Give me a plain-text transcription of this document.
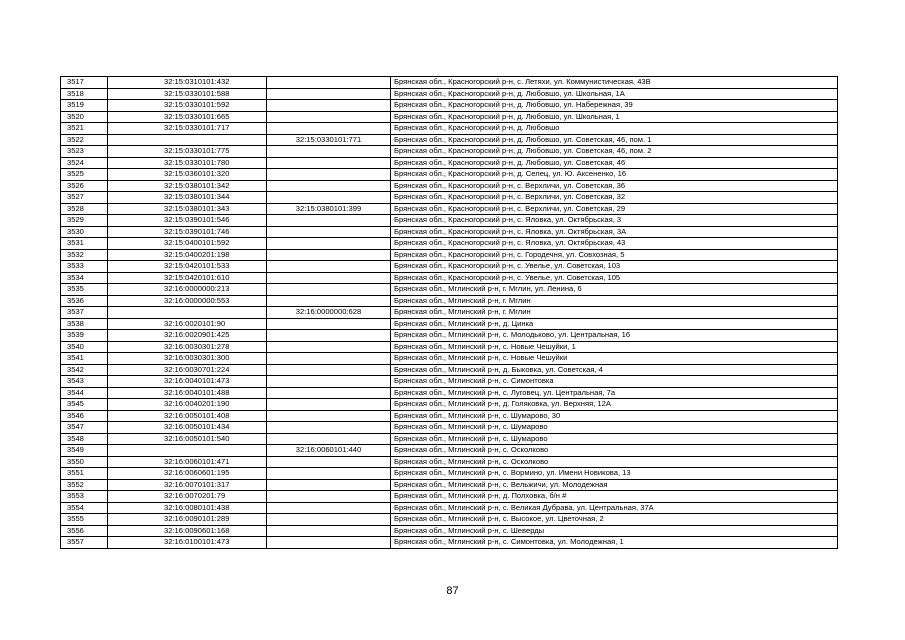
3517	32:15:0310101:432		Брянская обл., Красногорский р-н, с. Летяхи, ул. Коммунистическая, 43В
3518	32:15:0330101:588		Брянская обл., Красногорский р-н, д. Любовшо, ул. Школьная, 1А
3519	32:15:0330101:592		Брянская обл., Красногорский р-н, д. Любовшо, ул. Набережная, 39
3520	32:15:0330101:665		Брянская обл., Красногорский р-н, д. Любовшо, ул. Школьная, 1
3521	32:15:0330101:717		Брянская обл., Красногорский р-н, д. Любовшо
3522		32:15:0330101:771	Брянская обл., Красногорский р-н, д. Любовшо, ул. Советская, 46, пом. 1
3523	32:15:0330101:775		Брянская обл., Красногорский р-н, д. Любовшо, ул. Советская, 46, пом. 2
3524	32:15:0330101:780		Брянская обл., Красногорский р-н, д. Любовшо, ул. Советская, 46
3525	32:15:0360101:320		Брянская обл., Красногорский р-н, д. Селец, ул. Ю. Аксененко, 16
3526	32:15:0380101:342		Брянская обл., Красногорский р-н, с. Верхличи, ул. Советская, 36
3527	32:15:0380101:344		Брянская обл., Красногорский р-н, с. Верхличи, ул. Советская, 32
3528	32:15:0380101:343	32:15:0380101:399	Брянская обл., Красногорский р-н, с. Верхличи, ул. Советская, 29
3529	32:15:0390101:546		Брянская обл., Красногорский р-н, с. Яловка, ул. Октябрьская, 3
3530	32:15:0390101:746		Брянская обл., Красногорский р-н, с. Яловка, ул. Октябрьская, 3А
3531	32:15:0400101:592		Брянская обл., Красногорский р-н, с. Яловка, ул. Октябрьская, 43
3532	32:15:0400201:198		Брянская обл., Красногорский р-н, с. Городечня, ул. Совхозная, 5
3533	32:15:0420101:533		Брянская обл., Красногорский р-н, с. Увелье, ул. Советская, 103
3534	32:15:0420101:610		Брянская обл., Красногорский р-н, с. Увелье, ул. Советская, 105
3535	32:16:0000000:213		Брянская обл., Мглинский р-н, г. Мглин, ул. Ленина, 6
3536	32:16:0000000:553		Брянская обл., Мглинский р-н, г. Мглин
3537		32:16:0000000:628	Брянская обл., Мглинский р-н, г. Мглин
3538	32:16:0020101:90		Брянская обл., Мглинский р-н, д. Цинка
3539	32:16:0020901:425		Брянская обл., Мглинский р-н, с. Молодьково, ул. Центральная, 16
3540	32:16:0030301:278		Брянская обл., Мглинский р-н, с. Новые Чешуйки, 1
3541	32:16:0030301:300		Брянская обл., Мглинский р-н, с. Новые Чешуйки
3542	32:16:0030701:224		Брянская обл., Мглинский р-н, д. Быковка, ул. Советская, 4
3543	32:16:0040101:473		Брянская обл., Мглинский р-н, с. Симонтовка
3544	32:16:0040101:488		Брянская обл., Мглинский р-н, с. Луговец, ул. Центральная, 7а
3545	32:16:0040201:190		Брянская обл., Мглинский р-н, д. Голяковка, ул. Верхняя, 12А
3546	32:16:0050101:408		Брянская обл., Мглинский р-н, с. Шумарово, 30
3547	32:16:0050101:434		Брянская обл., Мглинский р-н, с. Шумарово
3548	32:16:0050101:540		Брянская обл., Мглинский р-н, с. Шумарово
3549		32:16:0060101:440	Брянская обл., Мглинский р-н, с. Осколково
3550	32:16:0060101:471		Брянская обл., Мглинский р-н, с. Осколково
3551	32:16:0060601:195		Брянская обл., Мглинский р-н, с. Вормино, ул. Имени Новикова, 13
3552	32:16:0070101:317		Брянская обл., Мглинский р-н, с. Вельжичи, ул. Молодежная
3553	32:16:0070201:79		Брянская обл., Мглинский р-н, д. Полховка, б/н #
3554	32:16:0080101:438		Брянская обл., Мглинский р-н, с. Великая Дубрава, ул. Центральная, 37А
3555	32:16:0090101:289		Брянская обл., Мглинский р-н, с. Высокое, ул. Цветочная, 2
3556	32:16:0090601:168		Брянская обл., Мглинский р-н, с. Шеверды
3557	32:16:0100101:473		Брянская обл., Мглинский р-н, с. Симонтовка, ул. Молодежная, 1
87
